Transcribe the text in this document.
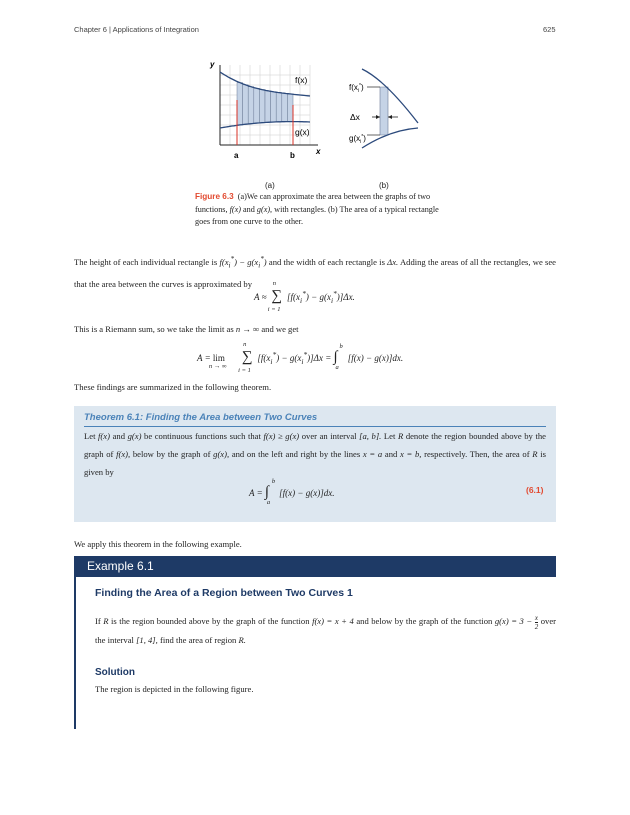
Chapter 6 | Applications of Integration	625
y
x
f(x)
g(x)
a	b
$f(x_i^*)$
Δx
$g(x_i^*)$
(a)	(b)
Figure 6.3 (a)We can approximate the area between the graphs of two functions, f(x) and g(x), with rectangles. (b) The area of a typical rectangle goes from one curve to the other.
The height of each individual rectangle is $f(x_i^*) - g(x_i^*)$ and the width of each rectangle is Δx. Adding the areas of all the rectangles, we see that the area between the curves is approximated by
A ≈
n
∑
i = 1
$[f(x_i^*) - g(x_i^*)]\Delta x$.
This is a Riemann sum, so we take the limit as n → ∞ and we get
A = lim
n → ∞

n
∑
i = 1
$[f(x_i^*) - g(x_i^*)]\Delta x$ =
b
∫
a
[f(x) − g(x)]dx.
These findings are summarized in the following theorem.
Theorem 6.1: Finding the Area between Two Curves
Let f(x) and g(x) be continuous functions such that f(x) ≥ g(x) over an interval [a, b]. Let R denote the region bounded above by the graph of f(x), below by the graph of g(x), and on the left and right by the lines x = a and x = b, respectively. Then, the area of R is given by
A =
b
∫
a
[f(x) − g(x)]dx.	(6.1)
We apply this theorem in the following example.
Example 6.1
Finding the Area of a Region between Two Curves 1
If R is the region bounded above by the graph of the function f(x) = x + 4 and below by the graph of the function $g(x) = 3 - \frac{x}{2}$ over the interval [1, 4], find the area of region R.
Solution
The region is depicted in the following figure.
